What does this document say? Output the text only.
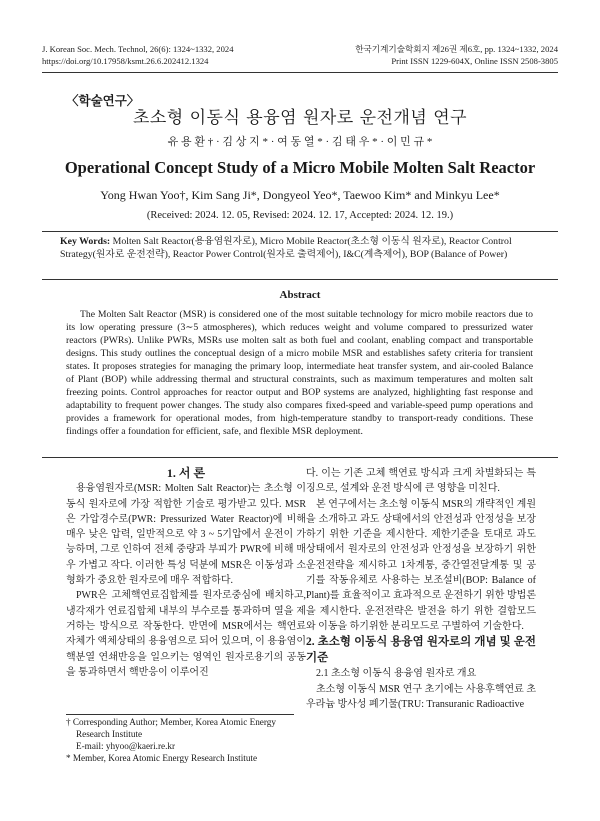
J. Korean Soc. Mech. Technol, 26(6): 1324~1332, 2024
https://doi.org/10.17958/ksmt.26.6.202412.1324
한국기계기술학회지 제26권 제6호, pp. 1324~1332, 2024
Print ISSN 1229-604X, Online ISSN 2508-3805
〈학술연구〉
초소형 이동식 용융염 원자로 운전개념 연구
유 용 환 † · 김 상 지 * · 여 동 열 * · 김 태 우 * · 이 민 규 *
Operational Concept Study of a Micro Mobile Molten Salt Reactor
Yong Hwan Yoo†, Kim Sang Ji*, Dongyeol Yeo*, Taewoo Kim* and Minkyu Lee*
(Received: 2024. 12. 05, Revised: 2024. 12. 17, Accepted: 2024. 12. 19.)
Key Words: Molten Salt Reactor(용융염원자로), Micro Mobile Reactor(초소형 이동식 원자로), Reactor Control Strategy(원자로 운전전략), Reactor Power Control(원자로 출력제어), I&C(계측제어), BOP (Balance of Power)
Abstract

The Molten Salt Reactor (MSR) is considered one of the most suitable technology for micro mobile reactors due to its low operating pressure (3∼5 atmospheres), which reduces weight and volume compared to pressurized water reactors (PWRs). Unlike PWRs, MSRs use molten salt as both fuel and coolant, enabling compact and transportable designs. This study outlines the conceptual design of a micro mobile MSR and establishes safety criteria for transient states. It proposes strategies for managing the primary loop, intermediate heat transfer system, and air-cooled Balance of Plant (BOP) while addressing thermal and structural constraints, such as maximum temperatures and molten salt freezing points. Control approaches for reactor output and BOP systems are analyzed, highlighting fast response and adaptability to frequent power changes. The study also compares fixed-speed and variable-speed pump operations and provides a framework for operational modes, from high-temperature standby to transport-ready conditions. These findings offer a foundation for efficient, safe, and flexible MSR deployment.

1. 서 론

용융염원자로(MSR: Molten Salt Reactor)는 초소형 이동식 원자로에 가장 적합한 기술로 평가받고 있다. MSR은 가압경수로(PWR: Pressurized Water Reactor)에 비해 매우 낮은 압력, 일반적으로 약 3 ~ 5기압에서 운전이 가능하며, 그로 인하여 전체 중량과 부피가 PWR에 비해 매우 가볍고 작다. 이러한 특성 덕분에 MSR은 이동성과 소형화가 중요한 원자로에 매우 적합하다.

PWR은 고체핵연료집합체를 원자로중심에 배치하고, 냉각재가 연료집합체 내부의 부수로를 통과하며 열을 제거하는 방식으로 작동한다. 반면에 MSR에서는 핵연료 자체가 액체상태의 용융염으로 되어 있으며, 이 용융염이 핵분열 연쇄반응을 일으키는 영역인 원자로용기의 공동을 통과하면서 핵반응이 이루어진

다. 이는 기존 고체 핵연료 방식과 크게 차별화되는 특징으로, 설계와 운전 방식에 큰 영향을 미친다.

본 연구에서는 초소형 이동식 MSR의 개략적인 계원을 소개하고 과도 상태에서의 안전성과 안정성을 보장하기 위한 기준을 제시한다. 제한기준을 토대로 과도상태에서 원자로의 안전성과 안정성을 보장하기 위한 운전전략을 제시하고 1차계통, 중간열전달계통 및 공기를 작동유체로 사용하는 보조설비(BOP: Balance of Plant)를 효율적이고 효과적으로 운전하기 위한 방법론을 제시한다. 운전전략은 발전을 하기 위한 결합모드와 이동을 하기위한 분리모드로 구별하여 기술한다.

2. 초소형 이동식 용융염 원자로의 개념 및 운전 기준

2.1 초소형 이동식 용융염 원자로 개요

초소형 이동식 MSR 연구 초기에는 사용후핵연료 초우라늄 방사성 폐기물(TRU: Transuranic Radioactive

† Corresponding Author; Member, Korea Atomic Energy Research Institute
E-mail: yhyoo@kaeri.re.kr
* Member, Korea Atomic Energy Research Institute
